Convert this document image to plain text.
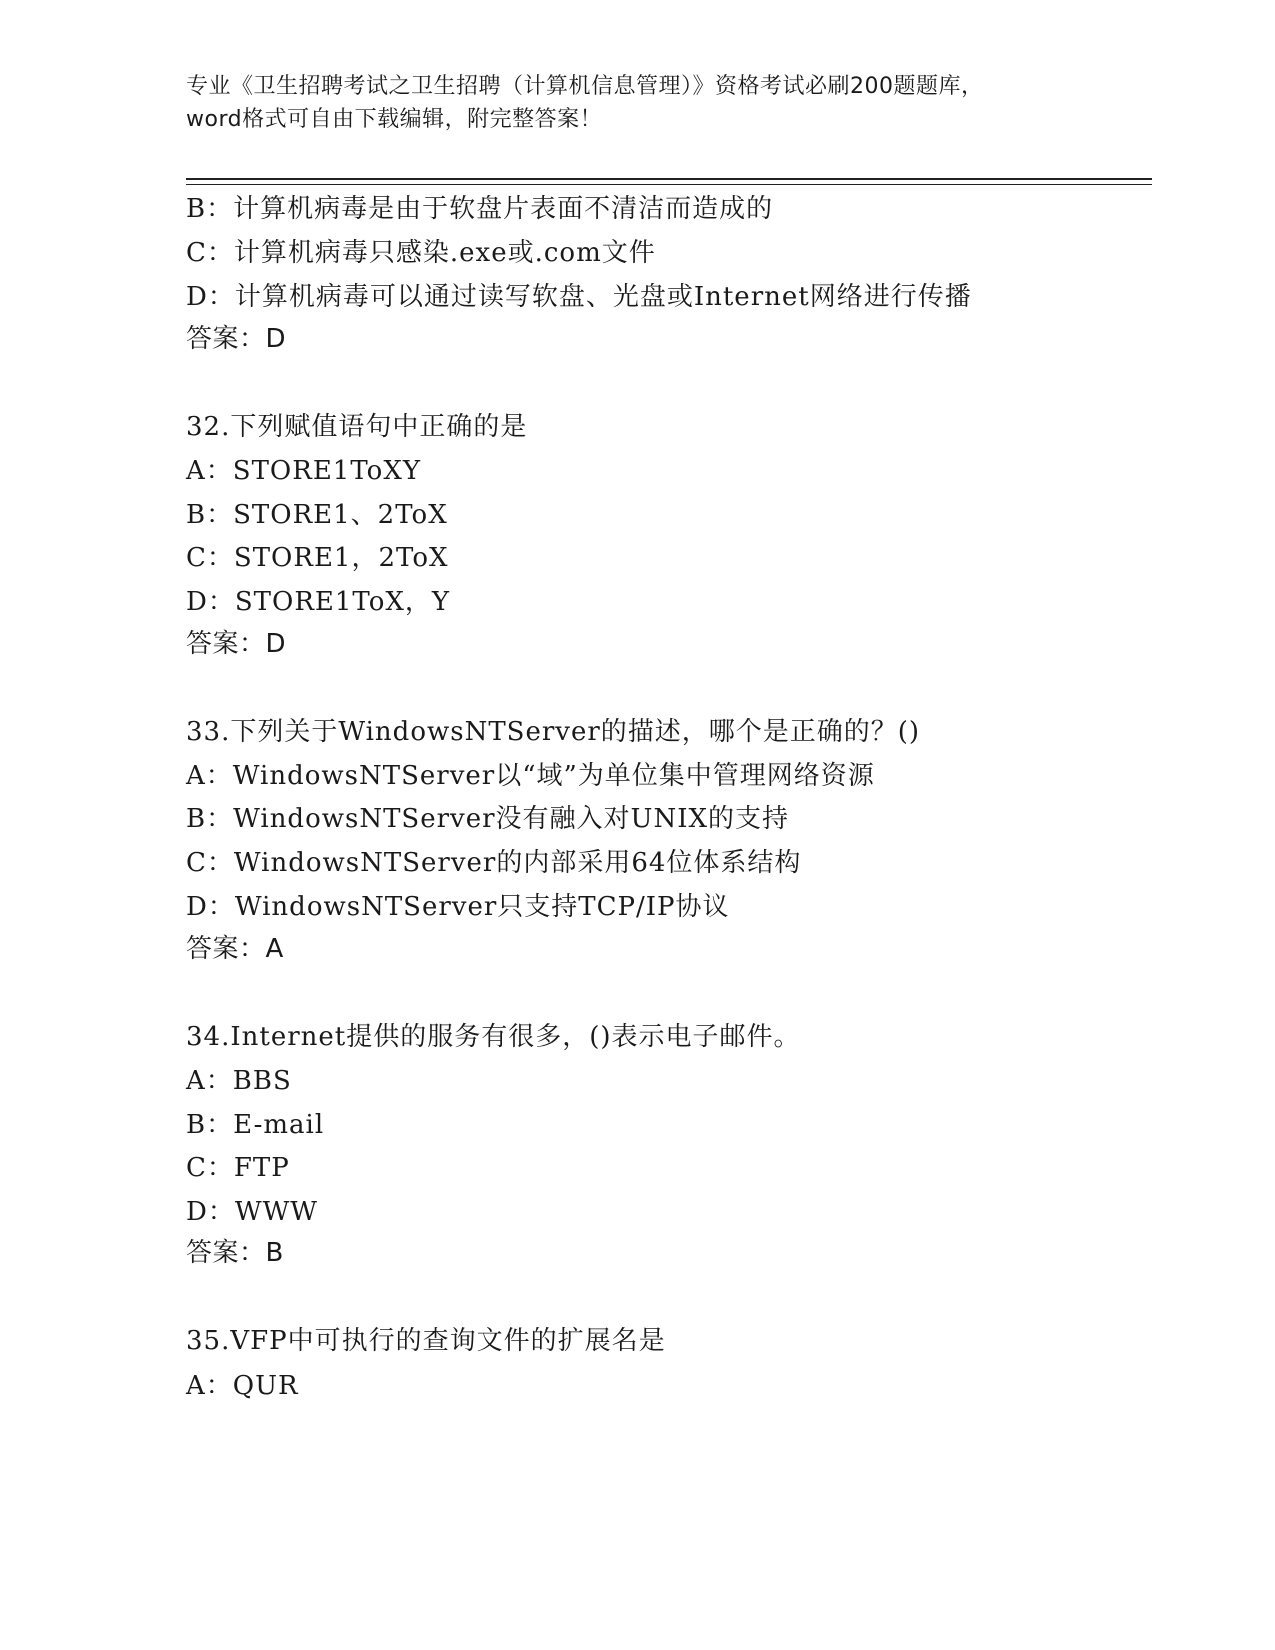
专业《卫生招聘考试之卫生招聘（计算机信息管理）》资格考试必刷200题题库，
word格式可自由下载编辑，附完整答案！
B：计算机病毒是由于软盘片表面不清洁而造成的
C：计算机病毒只感染.exe或.com文件
D：计算机病毒可以通过读写软盘、光盘或Internet网络进行传播
答案：D
32.下列赋值语句中正确的是
A：STORE1ToXY
B：STORE1、2ToX
C：STORE1，2ToX
D：STORE1ToX，Y
答案：D
33.下列关于WindowsNTServer的描述，哪个是正确的？()
A：WindowsNTServer以“域”为单位集中管理网络资源
B：WindowsNTServer没有融入对UNIX的支持
C：WindowsNTServer的内部采用64位体系结构
D：WindowsNTServer只支持TCP/IP协议
答案：A
34.Internet提供的服务有很多，()表示电子邮件。
A：BBS
B：E-mail
C：FTP
D：WWW
答案：B
35.VFP中可执行的查询文件的扩展名是
A：QUR
